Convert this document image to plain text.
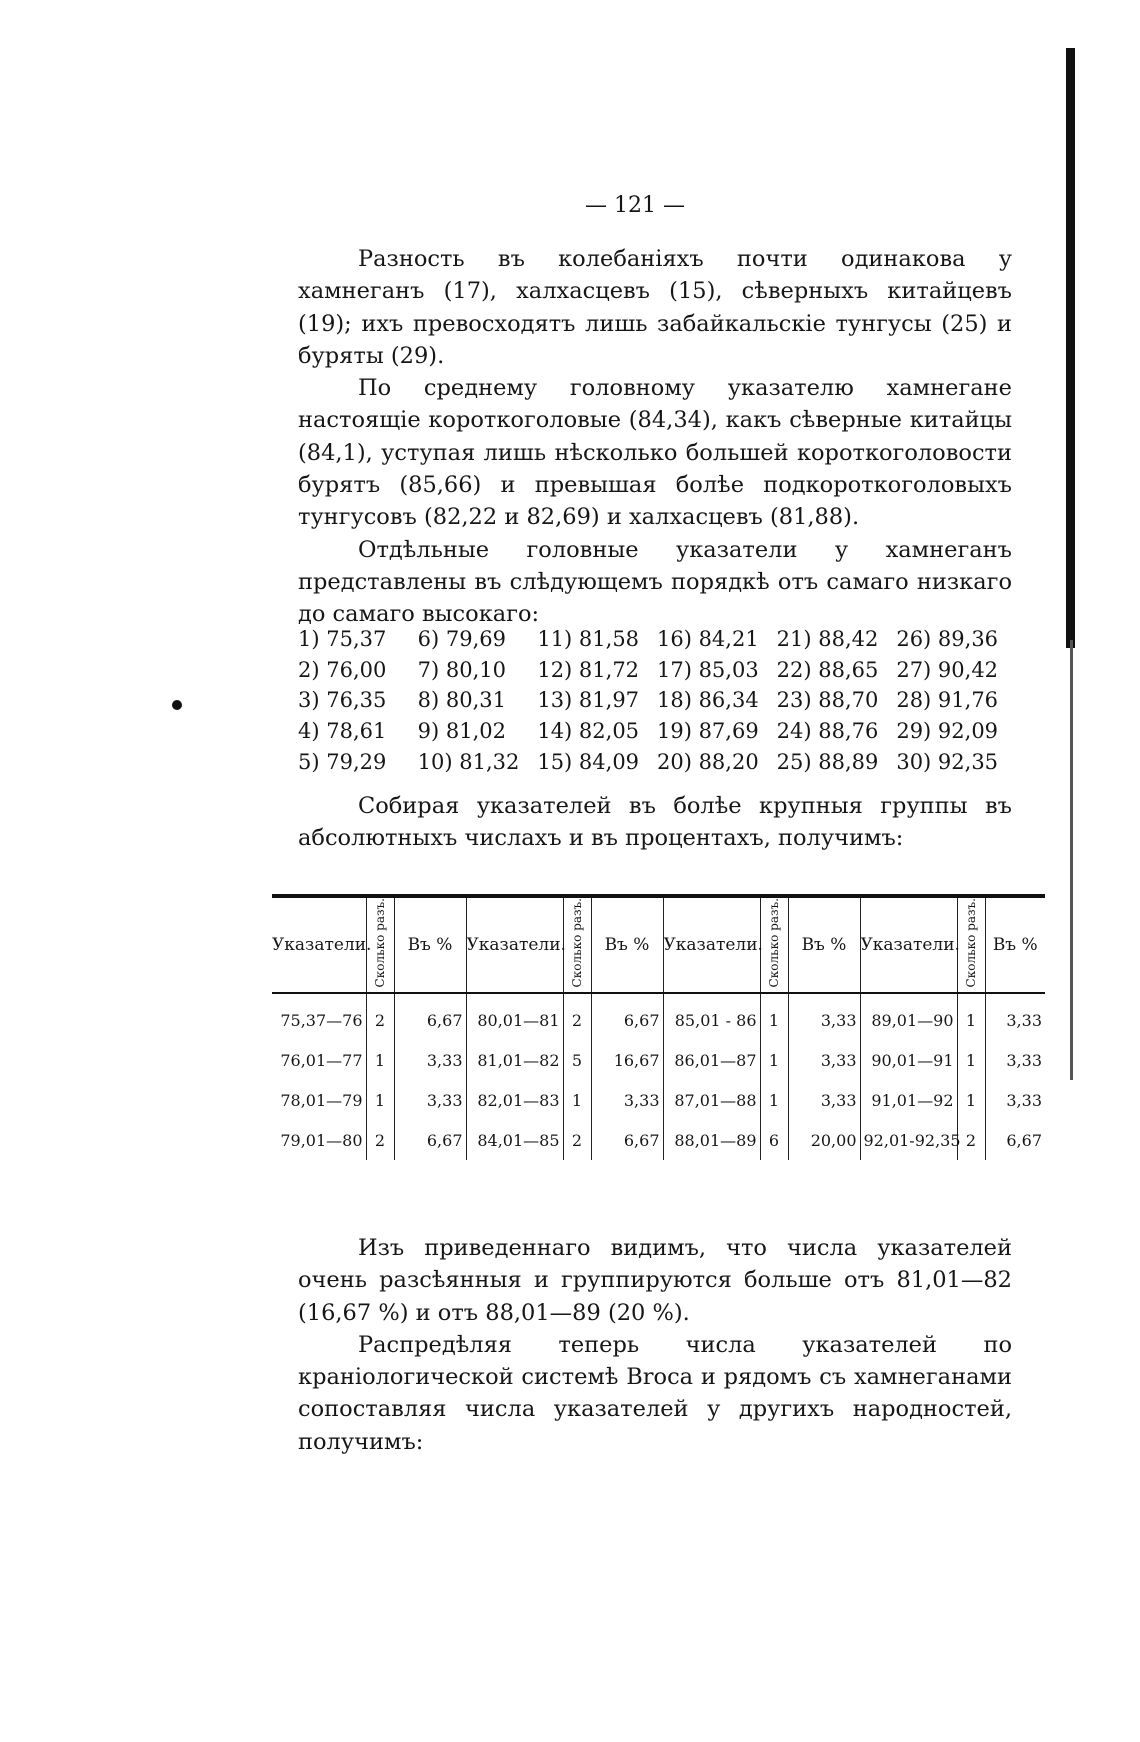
— 121 —

Разность въ колебаніяхъ почти одинакова у хамнеганъ (17), халхасцевъ (15), сѣверныхъ китайцевъ (19); ихъ превосходятъ лишь забайкальскіе тунгусы (25) и буряты (29).

По среднему головному указателю хамнегане настоящіе короткоголовые (84,34), какъ сѣверные китайцы (84,1), уступая лишь нѣсколько большей короткоголовости бурятъ (85,66) и превышая болѣе подкороткоголовыхъ тунгусовъ (82,22 и 82,69) и халхасцевъ (81,88).

Отдѣльные головные указатели у хамнеганъ представлены въ слѣдующемъ порядкѣ отъ самаго низкаго до самаго высокаго:

1) 75,37	6) 79,69	11) 81,58 16) 84,21 21) 88,42 26) 89,36
2) 76,00	7) 80,10	12) 81,72 17) 85,03 22) 88,65 27) 90,42
3) 76,35	8) 80,31	13) 81,97 18) 86,34 23) 88,70 28) 91,76
4) 78,61	9) 81,02	14) 82,05 19) 87,69 24) 88,76 29) 92,09
5) 79,29	10) 81,32 15) 84,09 20) 88,20 25) 88,89 30) 92,35

Собирая указателей въ болѣе крупныя группы въ абсолютныхъ числахъ и въ процентахъ, получимъ:

Указатели.	Сколько разъ.	Въ %	Указатели.	Сколько разъ.	Въ %	Указатели.	Сколько разъ.	Въ %	Указатели.	Сколько разъ.	Въ %
75,37—76	2	6,67	80,01—81	2	6,67	85,01 - 86	1	3,33	89,01—90	1	3,33
76,01—77	1	3,33	81,01—82	5	16,67	86,01—87	1	3,33	90,01—91	1	3,33
78,01—79	1	3,33	82,01—83	1	3,33	87,01—88	1	3,33	91,01—92	1	3,33
79,01—80	2	6,67	84,01—85	2	6,67	88,01—89	6	20,00	92,01-92,35	2	6,67

Изъ приведеннаго видимъ, что числа указателей очень разсѣянныя и группируются больше отъ 81,01—82 (16,67 %) и отъ 88,01—89 (20 %).

Распредѣляя теперь числа указателей по краніологической системѣ Broca и рядомъ съ хамнеганами сопоставляя числа указателей у другихъ народностей, получимъ:
